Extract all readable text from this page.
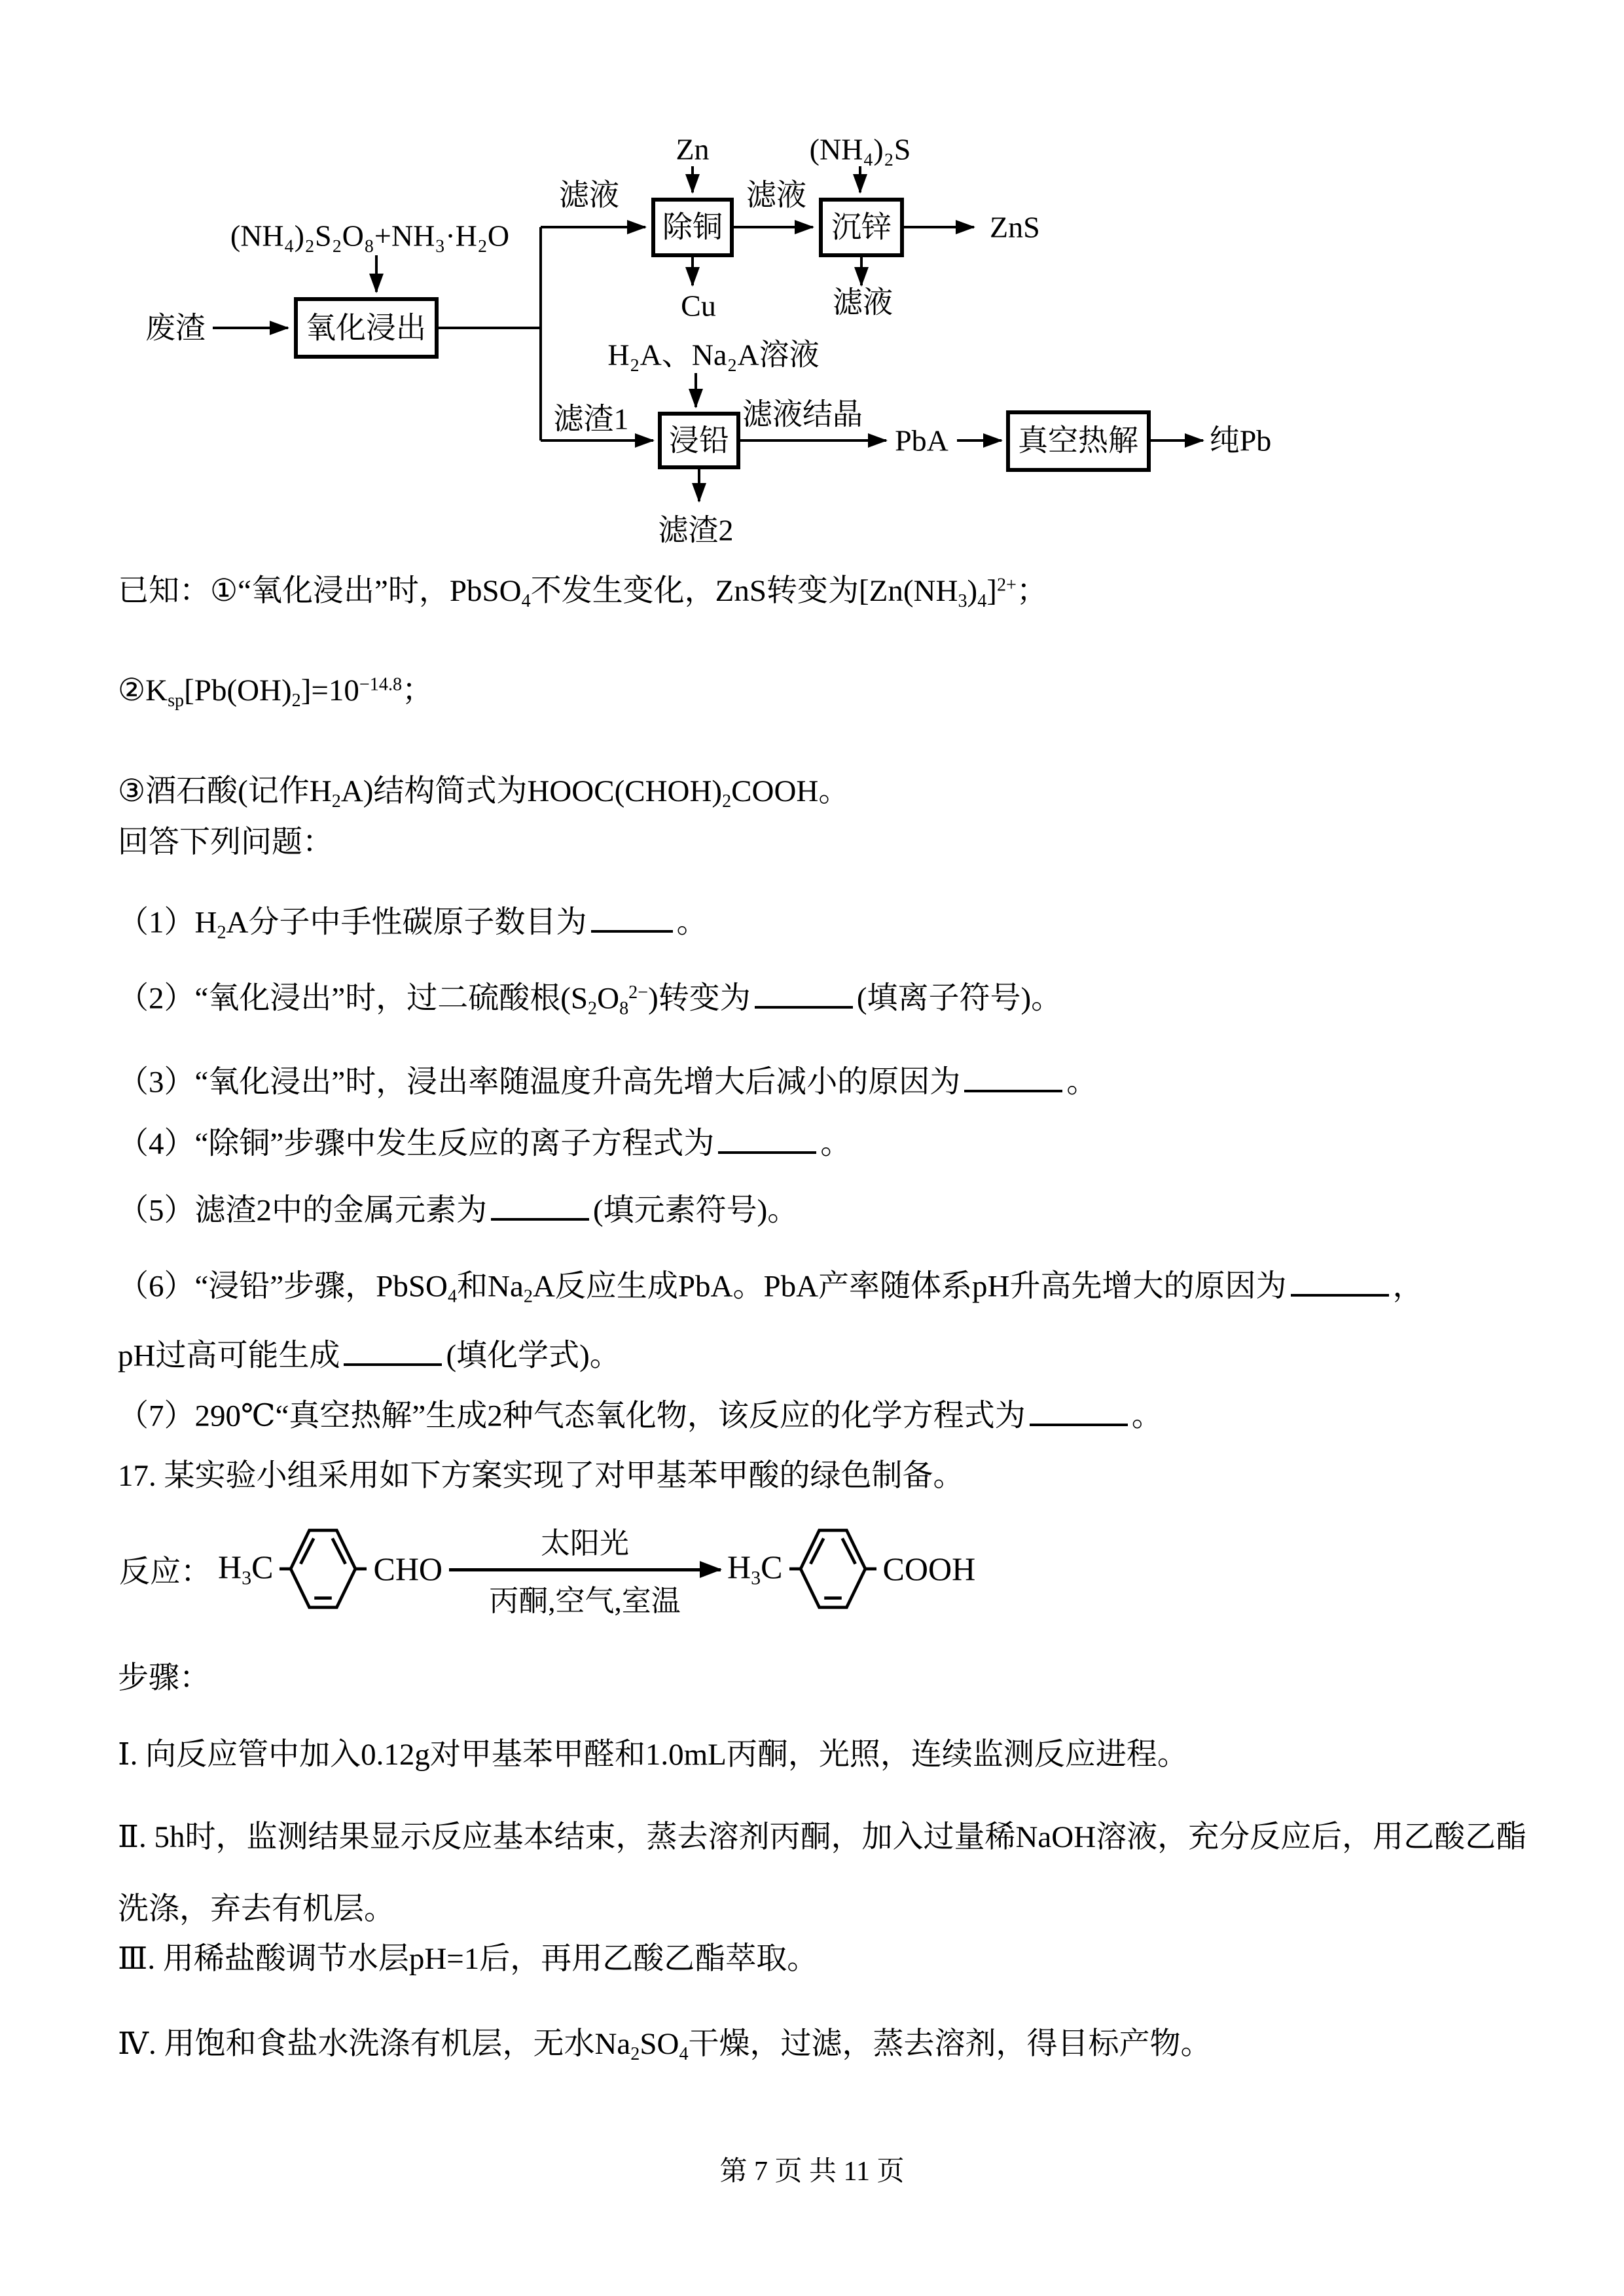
氧化浸出
除铜	沉锌
浸铅	真空热解
废渣
(NH₄)₂S₂O₈+NH₃·H₂O
Zn	(NH₄)₂S
滤液	滤液
ZnS
Cu	滤液
H₂A、Na₂A溶液
滤渣1	滤液结晶
PbA	纯Pb
滤渣2
已知：①“氧化浸出”时，PbSO$_4$不发生变化，ZnS转变为$[Zn(NH_3)_4]^{2+}$；
$②K_{sp}[Pb(OH)_2]=10^{-14.8}$；
③酒石酸(记作$H_2A$)结构简式为$HOOC(CHOH)_2COOH$。
回答下列问题：
$(1)H_2A$分子中手性碳原子数目为	。
（2）“氧化浸出”时，过二硫酸根$(S_2O_8^{2-})$转变为	(填离子符号)。
（3）“氧化浸出”时，浸出率随温度升高先增大后减小的原因为	。
（4）“除铜”步骤中发生反应的离子方程式为	。
（5）滤渣2中的金属元素为	(填元素符号)。
（6）“浸铅”步骤，PbSO$_4$和$Na_2A$反应生成PbA。PbA产率随体系pH升高先增大的原因为	，
pH过高可能生成	(填化学式)。
（7）290℃“真空热解”生成2种气态氧化物，该反应的化学方程式为	。
17. 某实验小组采用如下方案实现了对甲基苯甲酸的绿色制备。
反应： $H_3C$	CHO
太阳光
丙酮,空气,室温
$H_3C$	COOH
步骤：
Ⅰ. 向反应管中加入0.12g对甲基苯甲醛和1.0mL丙酮，光照，连续监测反应进程。
Ⅱ. 5h时，监测结果显示反应基本结束，蒸去溶剂丙酮，加入过量稀NaOH溶液，充分反应后，用乙酸乙酯
洗涤，弃去有机层。
Ⅲ. 用稀盐酸调节水层pH=1后，再用乙酸乙酯萃取。
Ⅳ. 用饱和食盐水洗涤有机层，无水$Na_2SO_4$干燥，过滤，蒸去溶剂，得目标产物。
第 7 页 共 11 页
